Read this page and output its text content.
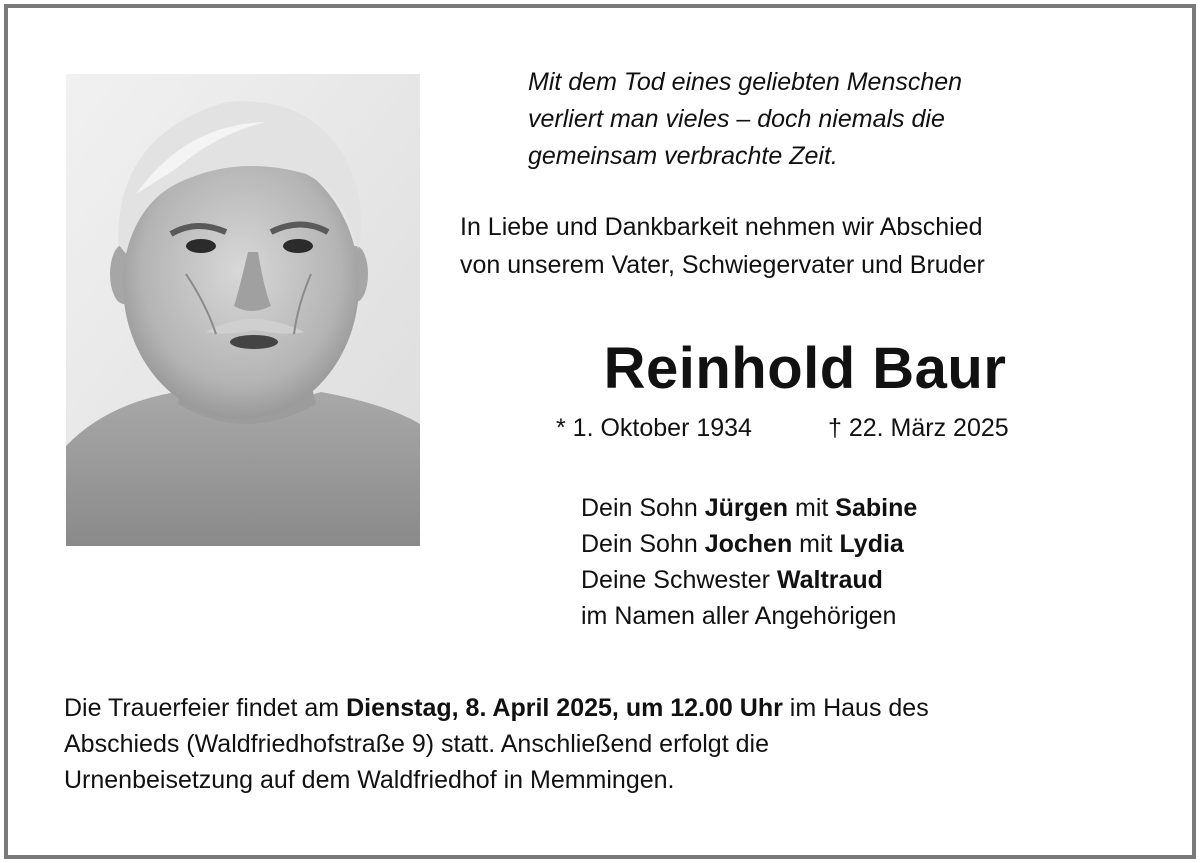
Mit dem Tod eines geliebten Menschen
verliert man vieles – doch niemals die
gemeinsam verbrachte Zeit.
In Liebe und Dankbarkeit nehmen wir Abschied
von unserem Vater, Schwiegervater und Bruder
Reinhold Baur
* 1. Oktober 1934	† 22. März 2025
Dein Sohn Jürgen mit Sabine
Dein Sohn Jochen mit Lydia
Deine Schwester Waltraud
im Namen aller Angehörigen
Die Trauerfeier findet am Dienstag, 8. April 2025, um 12.00 Uhr im Haus des
Abschieds (Waldfriedhofstraße 9) statt. Anschließend erfolgt die
Urnenbeisetzung auf dem Waldfriedhof in Memmingen.
